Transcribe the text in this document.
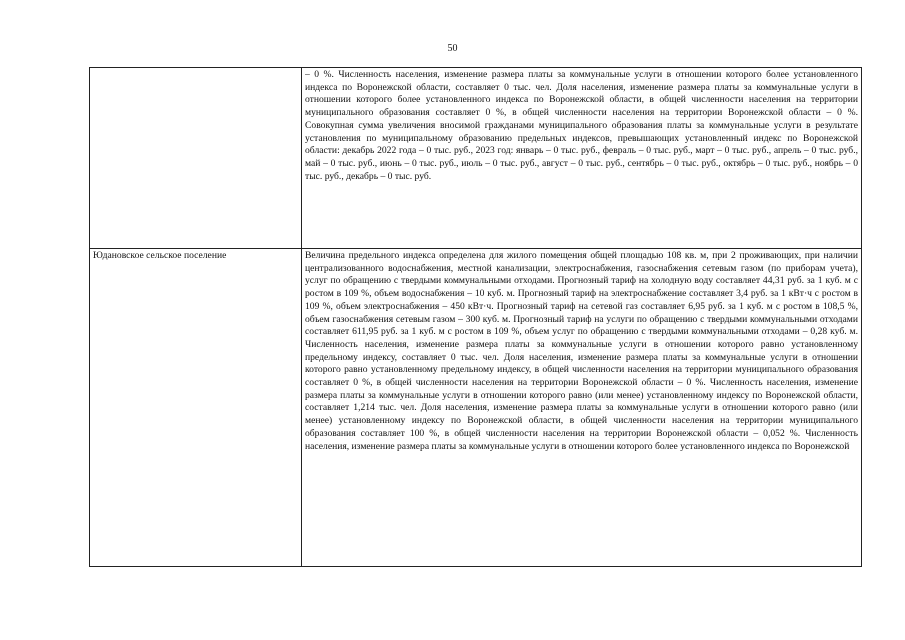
50

	– 0 %. Численность населения, изменение размера платы за коммунальные услуги в отношении которого более установленного индекса по Воронежской области, составляет 0 тыс. чел. Доля населения, изменение размера платы за коммунальные услуги в отношении которого более установленного индекса по Воронежской области, в общей численности населения на территории муниципального образования составляет 0 %, в общей численности населения на территории Воронежской области – 0 %. Совокупная сумма увеличения вносимой гражданами муниципального образования платы за коммунальные услуги в результате установления по муниципальному образованию предельных индексов, превышающих установленный индекс по Воронежской области: декабрь 2022 года – 0 тыс. руб., 2023 год: январь – 0 тыс. руб., февраль – 0 тыс. руб., март – 0 тыс. руб., апрель – 0 тыс. руб., май – 0 тыс. руб., июнь – 0 тыс. руб., июль – 0 тыс. руб., август – 0 тыс. руб., сентябрь – 0 тыс. руб., октябрь – 0 тыс. руб., ноябрь – 0 тыс. руб., декабрь – 0 тыс. руб.

Юдановское сельское поселение	Величина предельного индекса определена для жилого помещения общей площадью 108 кв. м, при 2 проживающих, при наличии централизованного водоснабжения, местной канализации, электроснабжения, газоснабжения сетевым газом (по приборам учета), услуг по обращению с твердыми коммунальными отходами. Прогнозный тариф на холодную воду составляет 44,31 руб. за 1 куб. м с ростом в 109 %, объем водоснабжения – 10 куб. м. Прогнозный тариф на электроснабжение составляет 3,4 руб. за 1 кВт·ч с ростом в 109 %, объем электроснабжения – 450 кВт·ч. Прогнозный тариф на сетевой газ составляет 6,95 руб. за 1 куб. м с ростом в 108,5 %, объем газоснабжения сетевым газом – 300 куб. м. Прогнозный тариф на услуги по обращению с твердыми коммунальными отходами составляет 611,95 руб. за 1 куб. м с ростом в 109 %, объем услуг по обращению с твердыми коммунальными отходами – 0,28 куб. м. Численность населения, изменение размера платы за коммунальные услуги в отношении которого равно установленному предельному индексу, составляет 0 тыс. чел. Доля населения, изменение размера платы за коммунальные услуги в отношении которого равно установленному предельному индексу, в общей численности населения на территории муниципального образования составляет 0 %, в общей численности населения на территории Воронежской области – 0 %. Численность населения, изменение размера платы за коммунальные услуги в отношении которого равно (или менее) установленному индексу по Воронежской области, составляет 1,214 тыс. чел. Доля населения, изменение размера платы за коммунальные услуги в отношении которого равно (или менее) установленному индексу по Воронежской области, в общей численности населения на территории муниципального образования составляет 100 %, в общей численности населения на территории Воронежской области – 0,052 %. Численность населения, изменение размера платы за коммунальные услуги в отношении которого более установленного индекса по Воронежской
